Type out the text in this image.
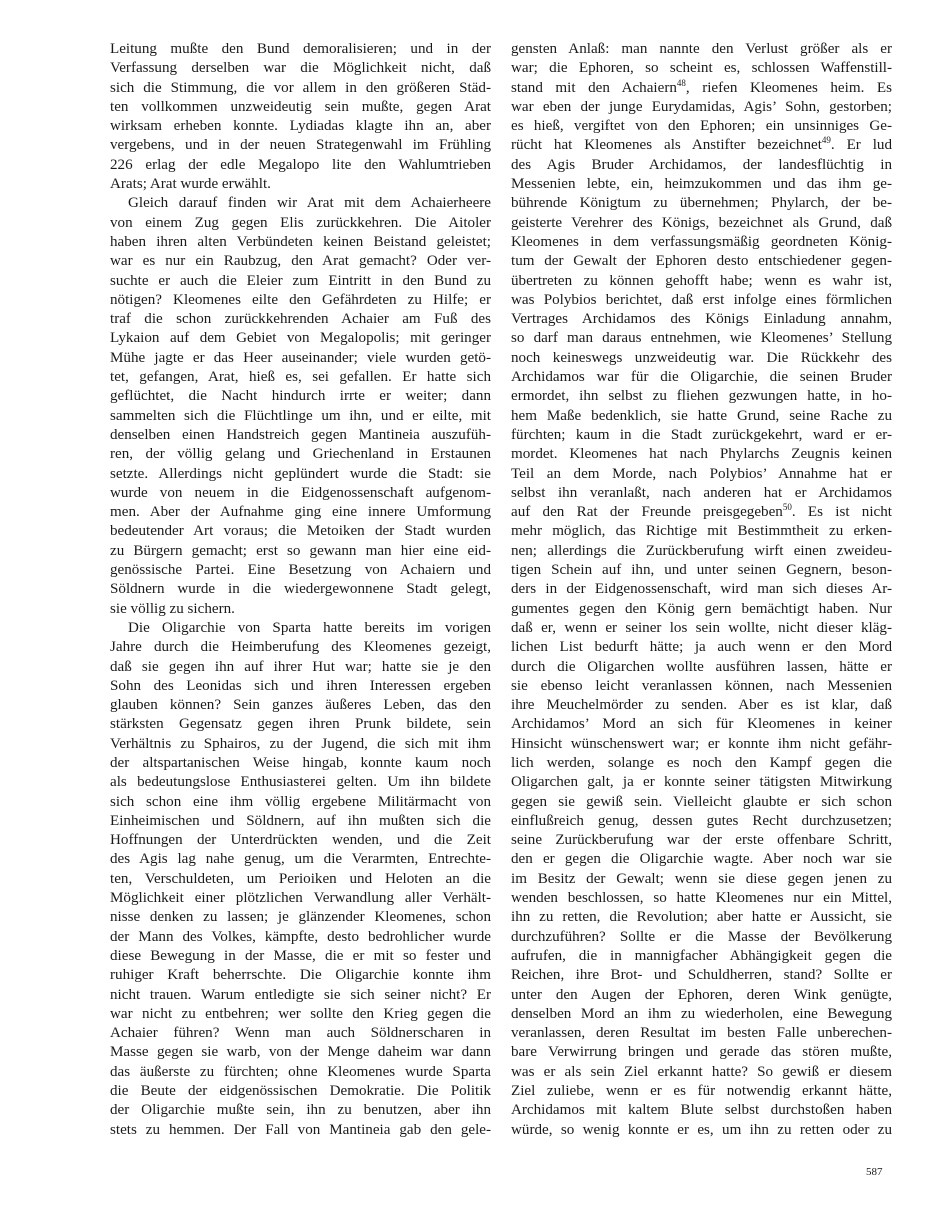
Leitung mußte den Bund demoralisieren; und in der
Verfassung derselben war die Möglichkeit nicht, daß
sich die Stimmung, die vor allem in den größeren Städ-
ten vollkommen unzweideutig sein mußte, gegen Arat
wirksam erheben konnte. Lydiadas klagte ihn an, aber
vergebens, und in der neuen Strategenwahl im Frühling
226 erlag der edle Megalopo lite den Wahlumtrieben
Arats; Arat wurde erwählt.
Gleich darauf finden wir Arat mit dem Achaierheere
von einem Zug gegen Elis zurückkehren. Die Aitoler
haben ihren alten Verbündeten keinen Beistand geleistet;
war es nur ein Raubzug, den Arat gemacht? Oder ver-
suchte er auch die Eleier zum Eintritt in den Bund zu
nötigen? Kleomenes eilte den Gefährdeten zu Hilfe; er
traf die schon zurückkehrenden Achaier am Fuß des
Lykaion auf dem Gebiet von Megalopolis; mit geringer
Mühe jagte er das Heer auseinander; viele wurden getö-
tet, gefangen, Arat, hieß es, sei gefallen. Er hatte sich
geflüchtet, die Nacht hindurch irrte er weiter; dann
sammelten sich die Flüchtlinge um ihn, und er eilte, mit
denselben einen Handstreich gegen Mantineia auszufüh-
ren, der völlig gelang und Griechenland in Erstaunen
setzte. Allerdings nicht geplündert wurde die Stadt: sie
wurde von neuem in die Eidgenossenschaft aufgenom-
men. Aber der Aufnahme ging eine innere Umformung
bedeutender Art voraus; die Metoiken der Stadt wurden
zu Bürgern gemacht; erst so gewann man hier eine eid-
genössische Partei. Eine Besetzung von Achaiern und
Söldnern wurde in die wiedergewonnene Stadt gelegt,
sie völlig zu sichern.
Die Oligarchie von Sparta hatte bereits im vorigen
Jahre durch die Heimberufung des Kleomenes gezeigt,
daß sie gegen ihn auf ihrer Hut war; hatte sie je den
Sohn des Leonidas sich und ihren Interessen ergeben
glauben können? Sein ganzes äußeres Leben, das den
stärksten Gegensatz gegen ihren Prunk bildete, sein
Verhältnis zu Sphairos, zu der Jugend, die sich mit ihm
der altspartanischen Weise hingab, konnte kaum noch
als bedeutungslose Enthusiasterei gelten. Um ihn bildete
sich schon eine ihm völlig ergebene Militärmacht von
Einheimischen und Söldnern, auf ihn mußten sich die
Hoffnungen der Unterdrückten wenden, und die Zeit
des Agis lag nahe genug, um die Verarmten, Entrechte-
ten, Verschuldeten, um Perioiken und Heloten an die
Möglichkeit einer plötzlichen Verwandlung aller Verhält-
nisse denken zu lassen; je glänzender Kleomenes, schon
der Mann des Volkes, kämpfte, desto bedrohlicher wurde
diese Bewegung in der Masse, die er mit so fester und
ruhiger Kraft beherrschte. Die Oligarchie konnte ihm
nicht trauen. Warum entledigte sie sich seiner nicht? Er
war nicht zu entbehren; wer sollte den Krieg gegen die
Achaier führen? Wenn man auch Söldnerscharen in
Masse gegen sie warb, von der Menge daheim war dann
das äußerste zu fürchten; ohne Kleomenes wurde Sparta
die Beute der eidgenössischen Demokratie. Die Politik
der Oligarchie mußte sein, ihn zu benutzen, aber ihn
stets zu hemmen. Der Fall von Mantineia gab den gele-
gensten Anlaß: man nannte den Verlust größer als er
war; die Ephoren, so scheint es, schlossen Waffenstill-
stand mit den Achaiern$^{48}$, riefen Kleomenes heim. Es
war eben der junge Eurydamidas, Agis’ Sohn, gestorben;
es hieß, vergiftet von den Ephoren; ein unsinniges Ge-
rücht hat Kleomenes als Anstifter bezeichnet$^{49}$. Er lud
des Agis Bruder Archidamos, der landesflüchtig in
Messenien lebte, ein, heimzukommen und das ihm ge-
bührende Königtum zu übernehmen; Phylarch, der be-
geisterte Verehrer des Königs, bezeichnet als Grund, daß
Kleomenes in dem verfassungsmäßig geordneten König-
tum der Gewalt der Ephoren desto entschiedener gegen-
übertreten zu können gehofft habe; wenn es wahr ist,
was Polybios berichtet, daß erst infolge eines förmlichen
Vertrages Archidamos des Königs Einladung annahm,
so darf man daraus entnehmen, wie Kleomenes’ Stellung
noch keineswegs unzweideutig war. Die Rückkehr des
Archidamos war für die Oligarchie, die seinen Bruder
ermordet, ihn selbst zu fliehen gezwungen hatte, in ho-
hem Maße bedenklich, sie hatte Grund, seine Rache zu
fürchten; kaum in die Stadt zurückgekehrt, ward er er-
mordet. Kleomenes hat nach Phylarchs Zeugnis keinen
Teil an dem Morde, nach Polybios’ Annahme hat er
selbst ihn veranlaßt, nach anderen hat er Archidamos
auf den Rat der Freunde preisgegeben$^{50}$. Es ist nicht
mehr möglich, das Richtige mit Bestimmtheit zu erken-
nen; allerdings die Zurückberufung wirft einen zweideu-
tigen Schein auf ihn, und unter seinen Gegnern, beson-
ders in der Eidgenossenschaft, wird man sich dieses Ar-
gumentes gegen den König gern bemächtigt haben. Nur
daß er, wenn er seiner los sein wollte, nicht dieser kläg-
lichen List bedurft hätte; ja auch wenn er den Mord
durch die Oligarchen wollte ausführen lassen, hätte er
sie ebenso leicht veranlassen können, nach Messenien
ihre Meuchelmörder zu senden. Aber es ist klar, daß
Archidamos’ Mord an sich für Kleomenes in keiner
Hinsicht wünschenswert war; er konnte ihm nicht gefähr-
lich werden, solange es noch den Kampf gegen die
Oligarchen galt, ja er konnte seiner tätigsten Mitwirkung
gegen sie gewiß sein. Vielleicht glaubte er sich schon
einflußreich genug, dessen gutes Recht durchzusetzen;
seine Zurückberufung war der erste offenbare Schritt,
den er gegen die Oligarchie wagte. Aber noch war sie
im Besitz der Gewalt; wenn sie diese gegen jenen zu
wenden beschlossen, so hatte Kleomenes nur ein Mittel,
ihn zu retten, die Revolution; aber hatte er Aussicht, sie
durchzuführen? Sollte er die Masse der Bevölkerung
aufrufen, die in mannigfacher Abhängigkeit gegen die
Reichen, ihre Brot- und Schuldherren, stand? Sollte er
unter den Augen der Ephoren, deren Wink genügte,
denselben Mord an ihm zu wiederholen, eine Bewegung
veranlassen, deren Resultat im besten Falle unberechen-
bare Verwirrung bringen und gerade das stören mußte,
was er als sein Ziel erkannt hatte? So gewiß er diesem
Ziel zuliebe, wenn er es für notwendig erkannt hätte,
Archidamos mit kaltem Blute selbst durchstoßen haben
würde, so wenig konnte er es, um ihn zu retten oder zu
587
